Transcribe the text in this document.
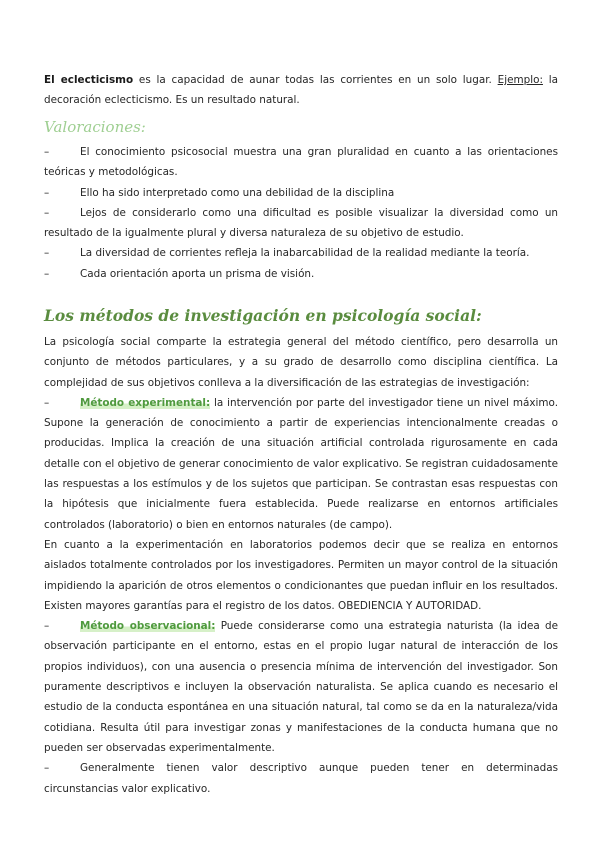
El eclecticismo es la capacidad de aunar todas las corrientes en un solo lugar. Ejemplo: la decoración eclecticismo. Es un resultado natural.

Valoraciones:

–	El conocimiento psicosocial muestra una gran pluralidad en cuanto a las orientaciones teóricas y metodológicas.

–	Ello ha sido interpretado como una debilidad de la disciplina

–	Lejos de considerarlo como una dificultad es posible visualizar la diversidad como un resultado de la igualmente plural y diversa naturaleza de su objetivo de estudio.

–	La diversidad de corrientes refleja la inabarcabilidad de la realidad mediante la teoría.

–	Cada orientación aporta un prisma de visión.

Los métodos de investigación en psicología social:

La psicología social comparte la estrategia general del método científico, pero desarrolla un conjunto de métodos particulares, y a su grado de desarrollo como disciplina científica. La complejidad de sus objetivos conlleva a la diversificación de las estrategias de investigación:

–	Método experimental: la intervención por parte del investigador tiene un nivel máximo. Supone la generación de conocimiento a partir de experiencias intencionalmente creadas o producidas. Implica la creación de una situación artificial controlada rigurosamente en cada detalle con el objetivo de generar conocimiento de valor explicativo. Se registran cuidadosamente las respuestas a los estímulos y de los sujetos que participan. Se contrastan esas respuestas con la hipótesis que inicialmente fuera establecida. Puede realizarse en entornos artificiales controlados (laboratorio) o bien en entornos naturales (de campo).

En cuanto a la experimentación en laboratorios podemos decir que se realiza en entornos aislados totalmente controlados por los investigadores. Permiten un mayor control de la situación impidiendo la aparición de otros elementos o condicionantes que puedan influir en los resultados. Existen mayores garantías para el registro de los datos. OBEDIENCIA Y AUTORIDAD.

–	Método observacional: Puede considerarse como una estrategia naturista (la idea de observación participante en el entorno, estas en el propio lugar natural de interacción de los propios individuos), con una ausencia o presencia mínima de intervención del investigador. Son puramente descriptivos e incluyen la observación naturalista. Se aplica cuando es necesario el estudio de la conducta espontánea en una situación natural, tal como se da en la naturaleza/vida cotidiana. Resulta útil para investigar zonas y manifestaciones de la conducta humana que no pueden ser observadas experimentalmente.

–	Generalmente tienen valor descriptivo aunque pueden tener en determinadas circunstancias valor explicativo.
